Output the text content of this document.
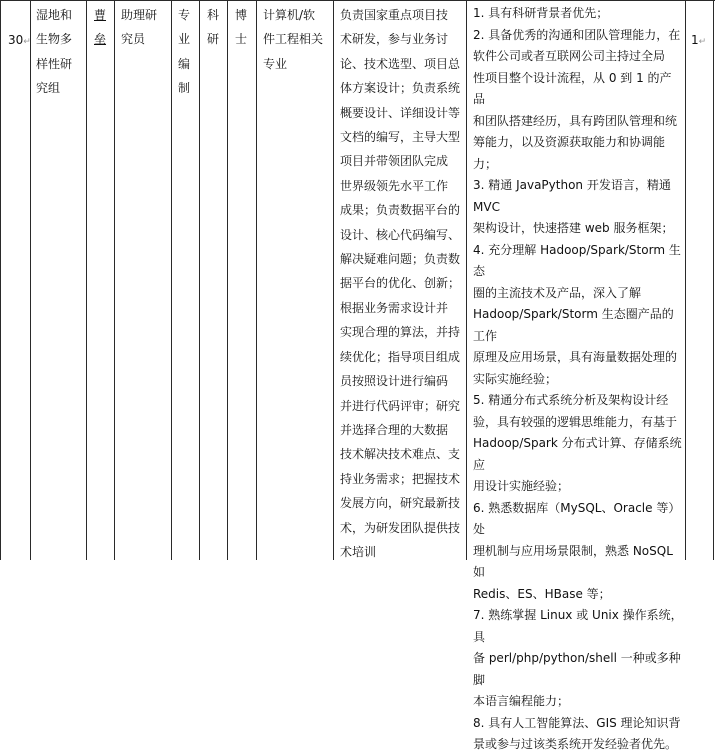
30↵

湿地和
生物多
样性研
究组
曹
垒
助理研
究员
专
业
编
制
科
研
博
士
计算机/软
件工程相关
专业
负责国家重点项目技
术研发，参与业务讨
论、技术选型、项目总
体方案设计；负责系统
概要设计、详细设计等
文档的编写，主导大型
项目并带领团队完成
世界级领先水平工作
成果；负责数据平台的
设计、核心代码编写、
解决疑难问题；负责数
据平台的优化、创新；
根据业务需求设计并
实现合理的算法，并持
续优化；指导项目组成
员按照设计进行编码
并进行代码评审；研究
并选择合理的大数据
技术解决技术难点、支
持业务需求；把握技术
发展方向，研究最新技
术，为研发团队提供技
术培训
1. 具有科研背景者优先；
2. 具备优秀的沟通和团队管理能力，在
软件公司或者互联网公司主持过全局
性项目整个设计流程，从 0 到 1 的产品
和团队搭建经历，具有跨团队管理和统
筹能力，以及资源获取能力和协调能
力；
3. 精通 JavaPython 开发语言，精通 MVC
架构设计，快速搭建 web 服务框架；
4. 充分理解 Hadoop/Spark/Storm 生态
圈的主流技术及产品，深入了解
Hadoop/Spark/Storm 生态圈产品的工作
原理及应用场景，具有海量数据处理的
实际实施经验；
5. 精通分布式系统分析及架构设计经
验，具有较强的逻辑思维能力，有基于
Hadoop/Spark 分布式计算、存储系统应
用设计实施经验；
6. 熟悉数据库（MySQL、Oracle 等）处
理机制与应用场景限制，熟悉 NoSQL 如
Redis、ES、HBase 等；
7. 熟练掌握 Linux 或 Unix 操作系统，具
备 perl/php/python/shell 一种或多种脚
本语言编程能力；
8. 具有人工智能算法、GIS 理论知识背
景或参与过该类系统开发经验者优先。

1↵
